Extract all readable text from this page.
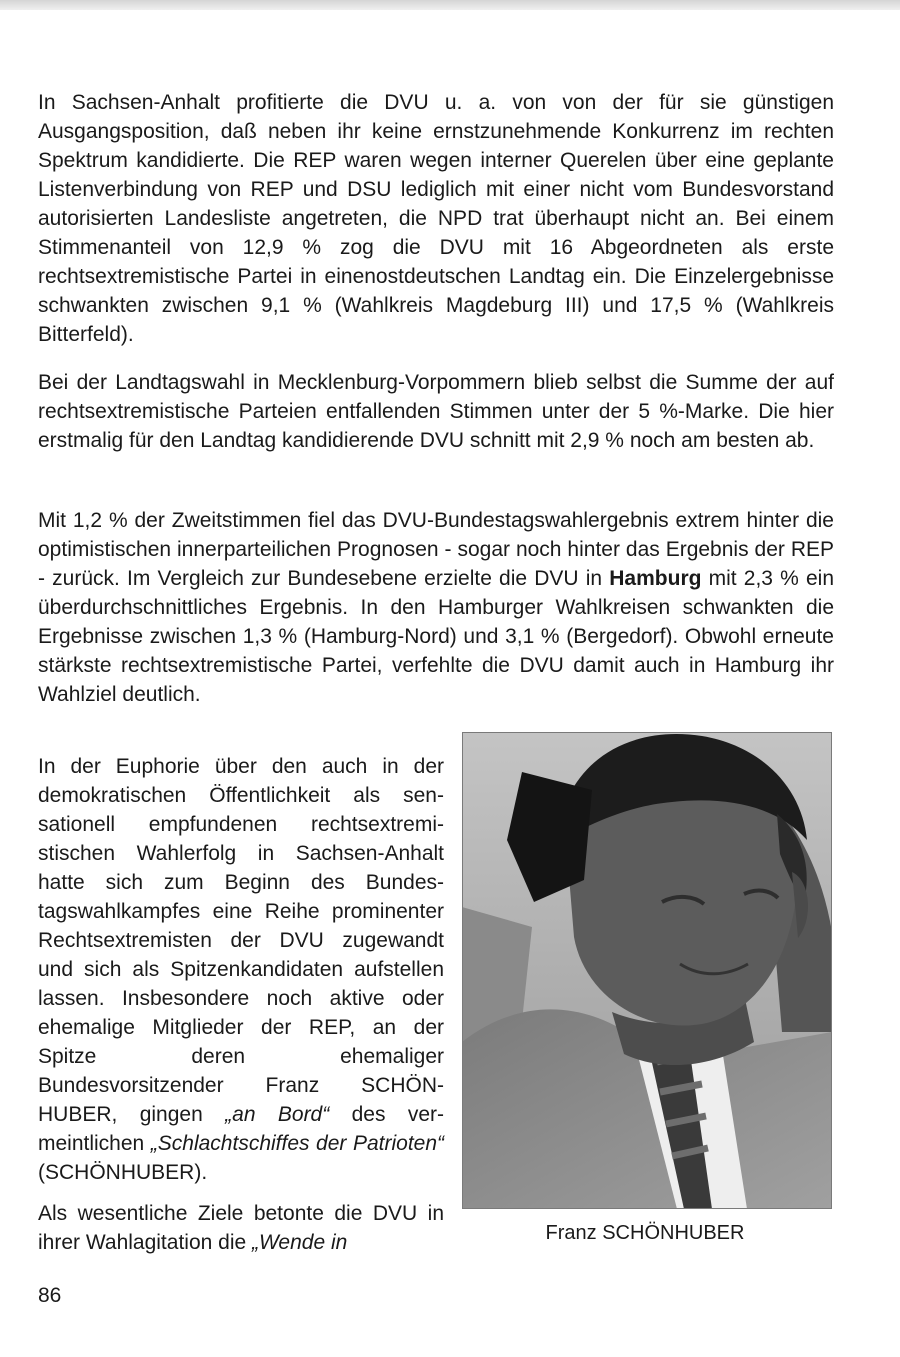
In Sachsen-Anhalt profitierte die DVU u. a. von von der für sie günstigen Ausgangsposition, daß neben ihr keine ernstzunehmende Konkurrenz im rechten Spektrum kandidierte. Die REP waren wegen interner Querelen über eine geplante Listenverbindung von REP und DSU lediglich mit einer nicht vom Bundesvorstand autorisierten Landesliste angetreten, die NPD trat überhaupt nicht an. Bei einem Stimmenanteil von 12,9 % zog die DVU mit 16 Abgeordneten als erste rechtsextremistische Partei in einenostdeutschen Landtag ein. Die Einzelergebnisse schwankten zwischen 9,1 % (Wahlkreis Magdeburg III) und 17,5 % (Wahlkreis Bitterfeld).

Bei der Landtagswahl in Mecklenburg-Vorpommern blieb selbst die Summe der auf rechtsextremistische Parteien entfallenden Stimmen unter der 5 %-Marke. Die hier erstmalig für den Landtag kandidierende DVU schnitt mit 2,9 % noch am besten ab.

Mit 1,2 % der Zweitstimmen fiel das DVU-Bundestagswahlergebnis extrem hinter die optimistischen innerparteilichen Prognosen - sogar noch hinter das Ergebnis der REP - zurück. Im Vergleich zur Bundesebene erzielte die DVU in Hamburg mit 2,3 % ein überdurchschnittliches Ergebnis. In den Hamburger Wahlkreisen schwankten die Ergebnisse zwischen 1,3 % (Hamburg-Nord) und 3,1 % (Bergedorf). Obwohl erneute stärkste rechtsextremistische Partei, verfehlte die DVU damit auch in Hamburg ihr Wahlziel deutlich.

In der Euphorie über den auch in der demokratischen Öffentlichkeit als sensationell empfundenen rechtsextremistischen Wahlerfolg in Sachsen-Anhalt hatte sich zum Beginn des Bundestagswahlkampfes eine Reihe prominenter Rechtsextremisten der DVU zugewandt und sich als Spitzenkandidaten aufstellen lassen. Insbesondere noch aktive oder ehemalige Mitglieder der REP, an der Spitze deren ehemaliger Bundesvorsitzender Franz SCHÖNHUBER, gingen „an Bord“ des vermeintlichen „Schlachtschiffes der Patrioten“ (SCHÖNHUBER).

Franz SCHÖNHUBER

Als wesentliche Ziele betonte die DVU in ihrer Wahlagitation die „Wende in

86
